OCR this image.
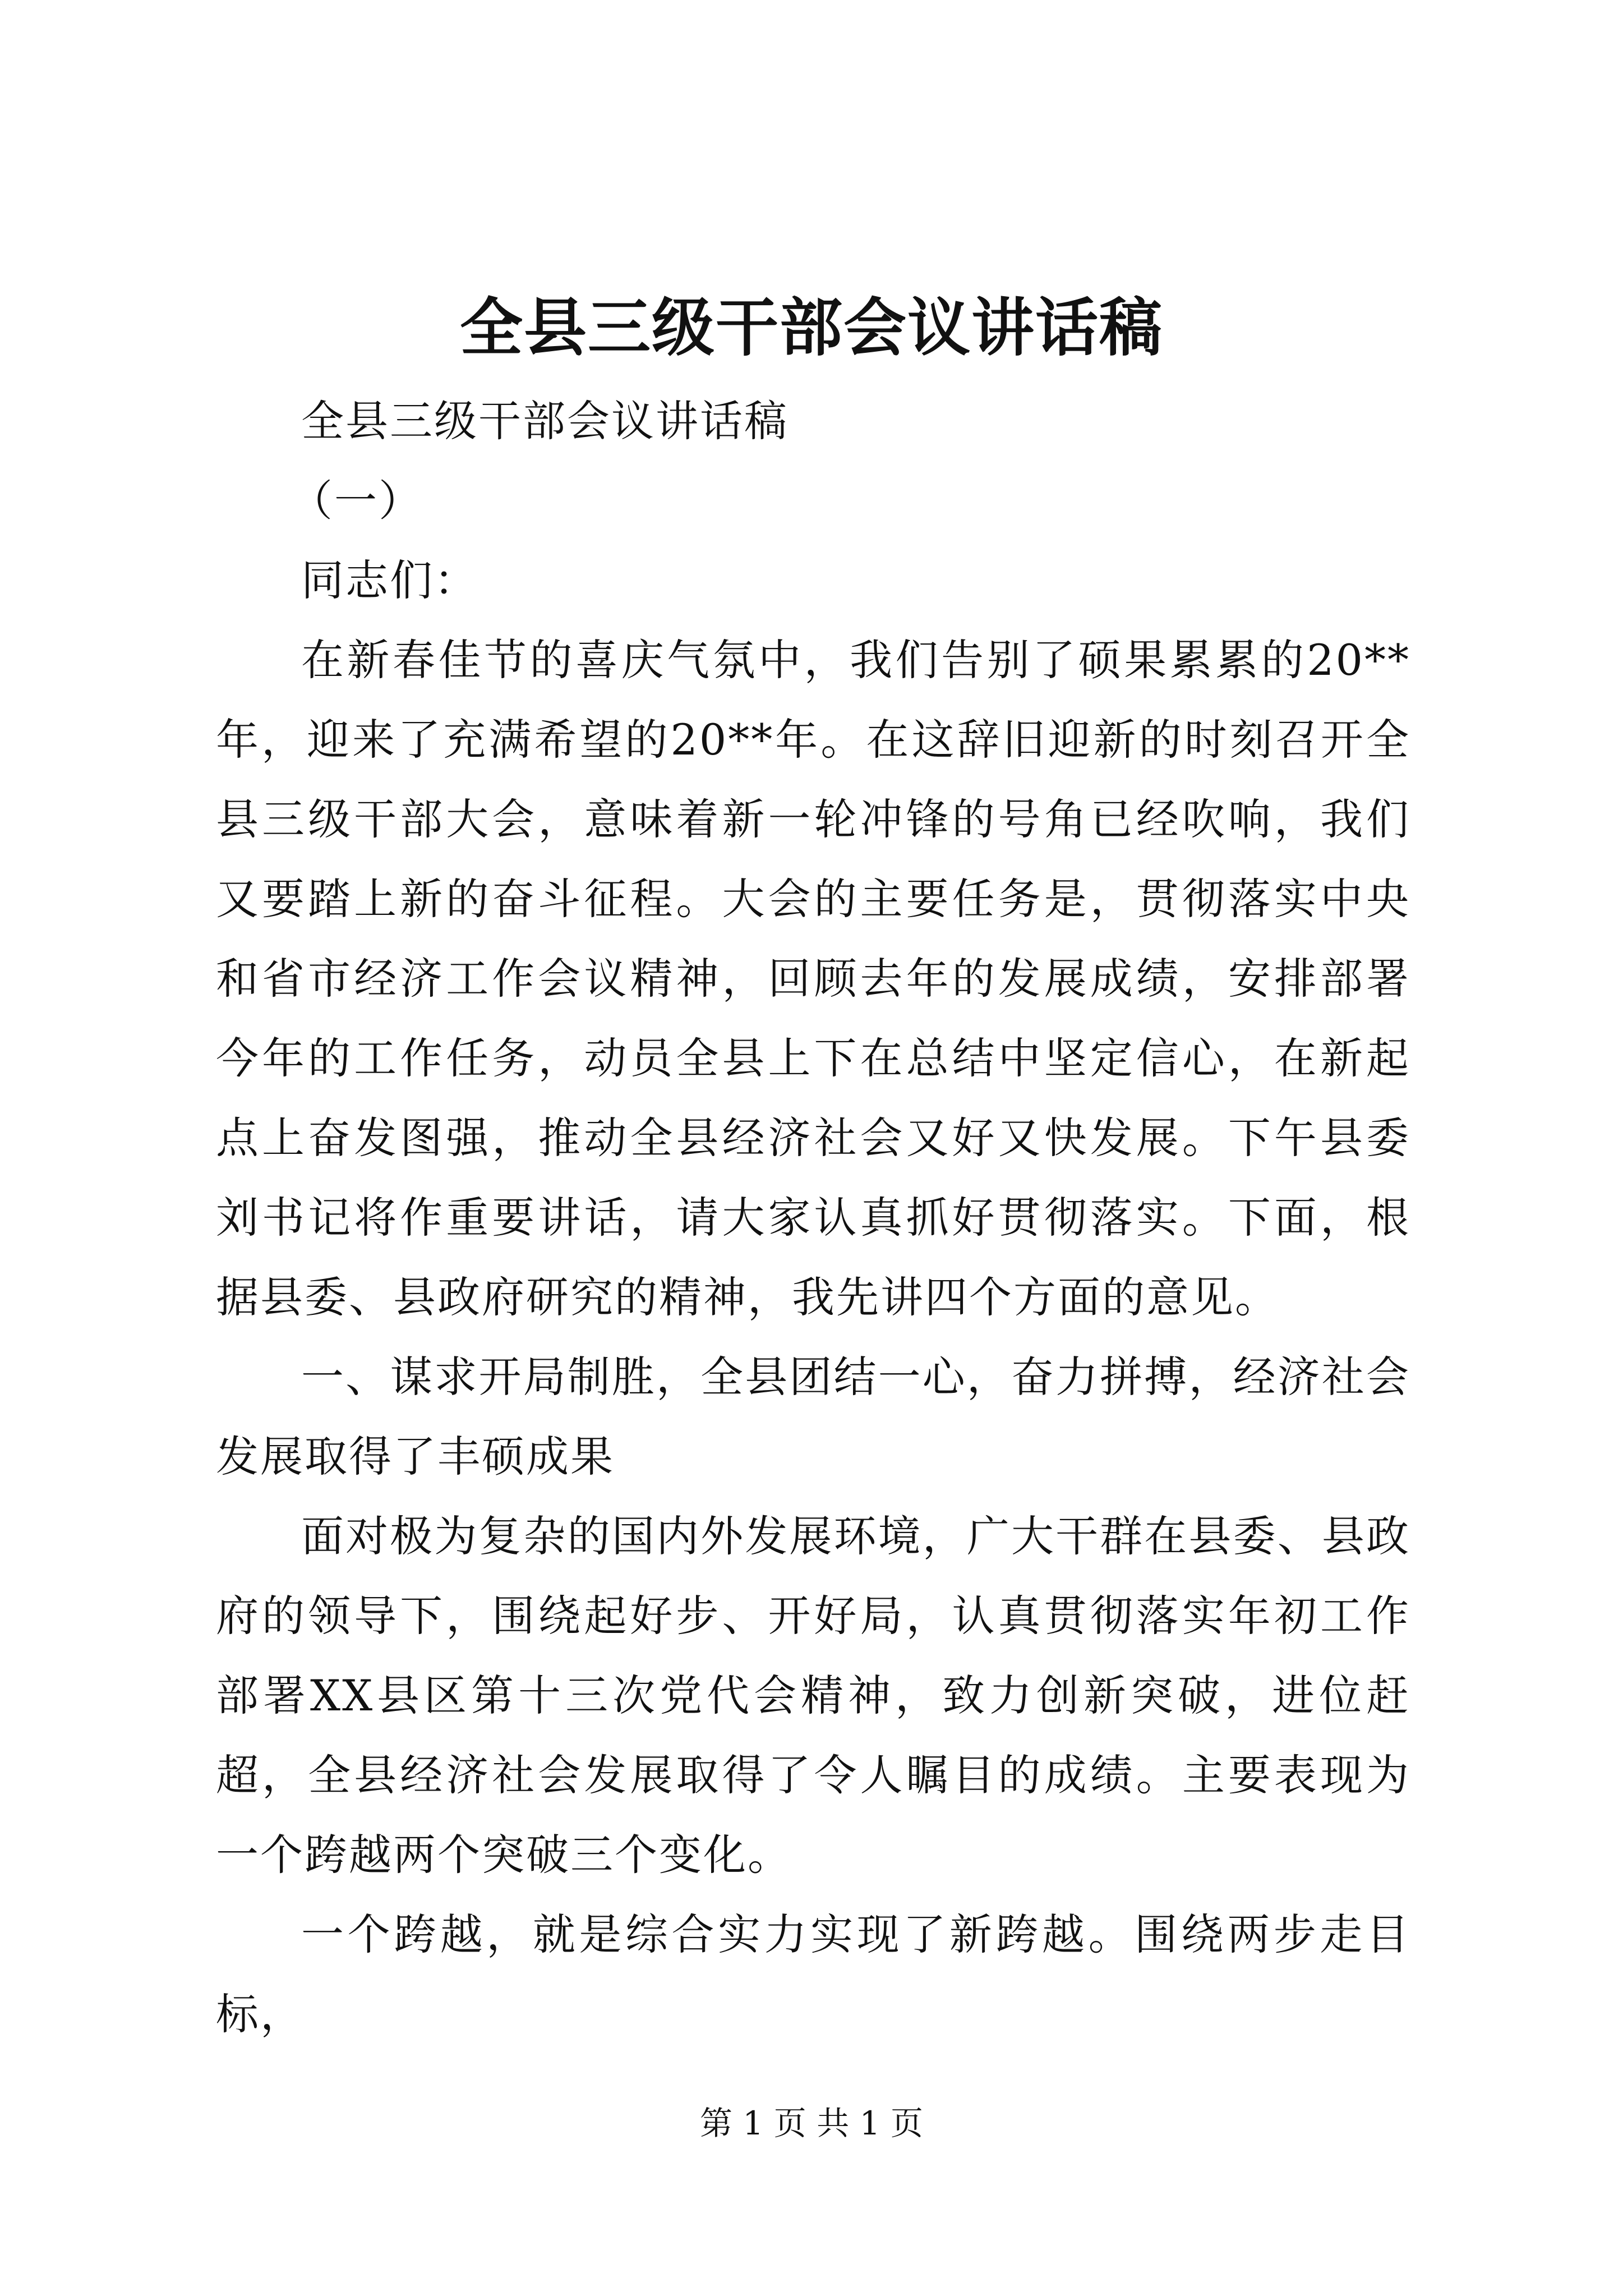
全县三级干部会议讲话稿

全县三级干部会议讲话稿

（一）

同志们：

在新春佳节的喜庆气氛中，我们告别了硕果累累的20**年，迎来了充满希望的20**年。在这辞旧迎新的时刻召开全县三级干部大会，意味着新一轮冲锋的号角已经吹响，我们又要踏上新的奋斗征程。大会的主要任务是，贯彻落实中央和省市经济工作会议精神，回顾去年的发展成绩，安排部署今年的工作任务，动员全县上下在总结中坚定信心，在新起点上奋发图强，推动全县经济社会又好又快发展。下午县委刘书记将作重要讲话，请大家认真抓好贯彻落实。下面，根据县委、县政府研究的精神，我先讲四个方面的意见。

一、谋求开局制胜，全县团结一心，奋力拼搏，经济社会发展取得了丰硕成果

面对极为复杂的国内外发展环境，广大干群在县委、县政府的领导下，围绕起好步、开好局，认真贯彻落实年初工作部署XX县区第十三次党代会精神，致力创新突破，进位赶超，全县经济社会发展取得了令人瞩目的成绩。主要表现为一个跨越两个突破三个变化。

一个跨越，就是综合实力实现了新跨越。围绕两步走目标，

第 1 页 共 1 页
